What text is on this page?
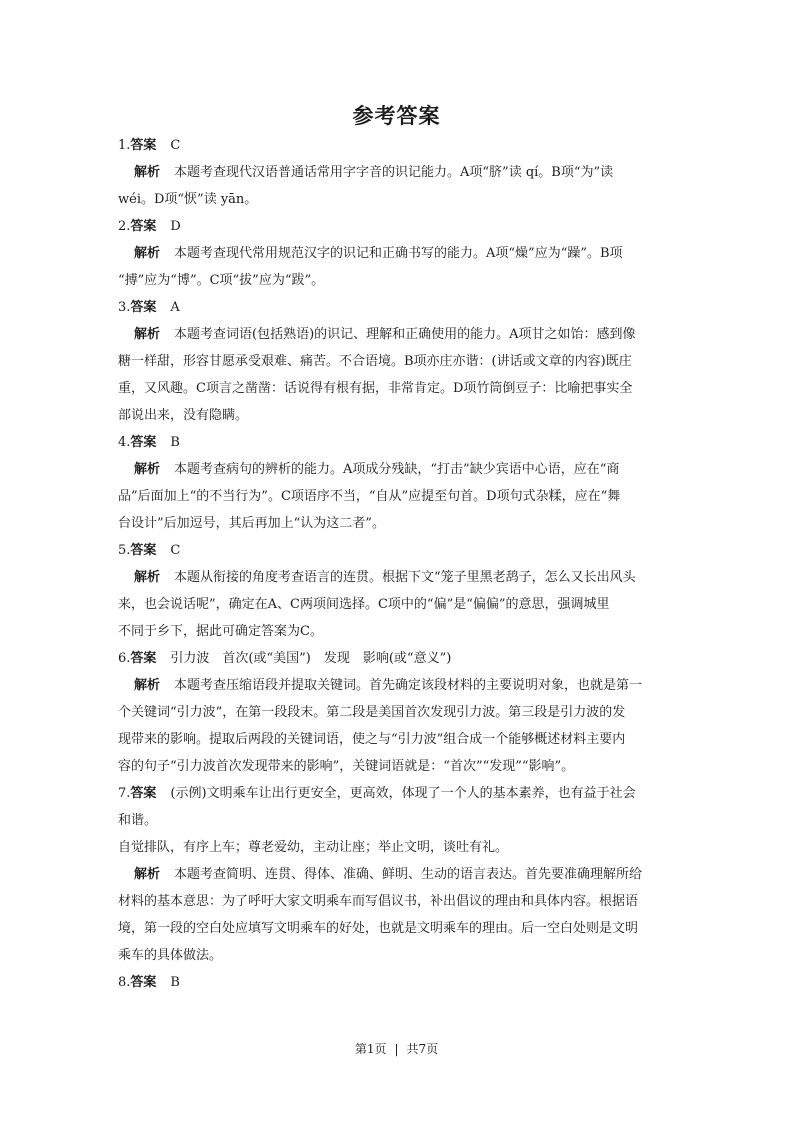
参考答案
1.答案 C
解析 本题考查现代汉语普通话常用字字音的识记能力。A项“脐”读 qí。B项“为”读
wéi。D项“恹”读 yān。
2.答案 D
解析 本题考查现代常用规范汉字的识记和正确书写的能力。A项“燥”应为“躁”。B项
“搏”应为“博”。C项“拔”应为“跋”。
3.答案 A
解析 本题考查词语(包括熟语)的识记、理解和正确使用的能力。A项甘之如饴：感到像
糖一样甜，形容甘愿承受艰难、痛苦。不合语境。B项亦庄亦谐：(讲话或文章的内容)既庄
重，又风趣。C项言之凿凿：话说得有根有据，非常肯定。D项竹筒倒豆子：比喻把事实全
部说出来，没有隐瞒。
4.答案 B
解析 本题考查病句的辨析的能力。A项成分残缺，“打击”缺少宾语中心语，应在“商
品”后面加上“的不当行为”。C项语序不当，“自从”应提至句首。D项句式杂糅，应在“舞
台设计”后加逗号，其后再加上“认为这二者”。
5.答案 C
解析 本题从衔接的角度考查语言的连贯。根据下文“笼子里黑老鸹子，怎么又长出风头
来，也会说话呢”，确定在A、C两项间选择。C项中的“偏”是“偏偏”的意思，强调城里
不同于乡下，据此可确定答案为C。
6.答案 引力波　首次(或“美国”)　发现　影响(或“意义”)
解析 本题考查压缩语段并提取关键词。首先确定该段材料的主要说明对象，也就是第一
个关键词“引力波”，在第一段段末。第二段是美国首次发现引力波。第三段是引力波的发
现带来的影响。提取后两段的关键词语，使之与“引力波”组合成一个能够概述材料主要内
容的句子“引力波首次发现带来的影响”，关键词语就是：“首次”“发现”“影响”。
7.答案 (示例)文明乘车让出行更安全，更高效，体现了一个人的基本素养，也有益于社会
和谐。
自觉排队，有序上车；尊老爱幼，主动让座；举止文明，谈吐有礼。
解析 本题考查简明、连贯、得体、准确、鲜明、生动的语言表达。首先要准确理解所给
材料的基本意思：为了呼吁大家文明乘车而写倡议书，补出倡议的理由和具体内容。根据语
境，第一段的空白处应填写文明乘车的好处，也就是文明乘车的理由。后一空白处则是文明
乘车的具体做法。
8.答案 B
第1页 | 共7页
